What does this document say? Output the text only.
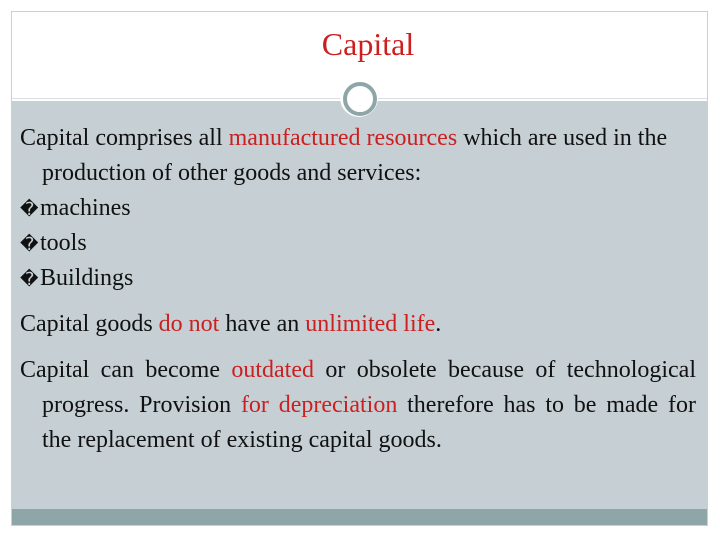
Capital

Capital comprises all manufactured resources which are used in the production of other goods and services:

� machines

� tools

� Buildings

Capital goods do not have an unlimited life.

Capital can become outdated or obsolete because of technological progress. Provision for depreciation therefore has to be made for the replacement of existing capital goods.
